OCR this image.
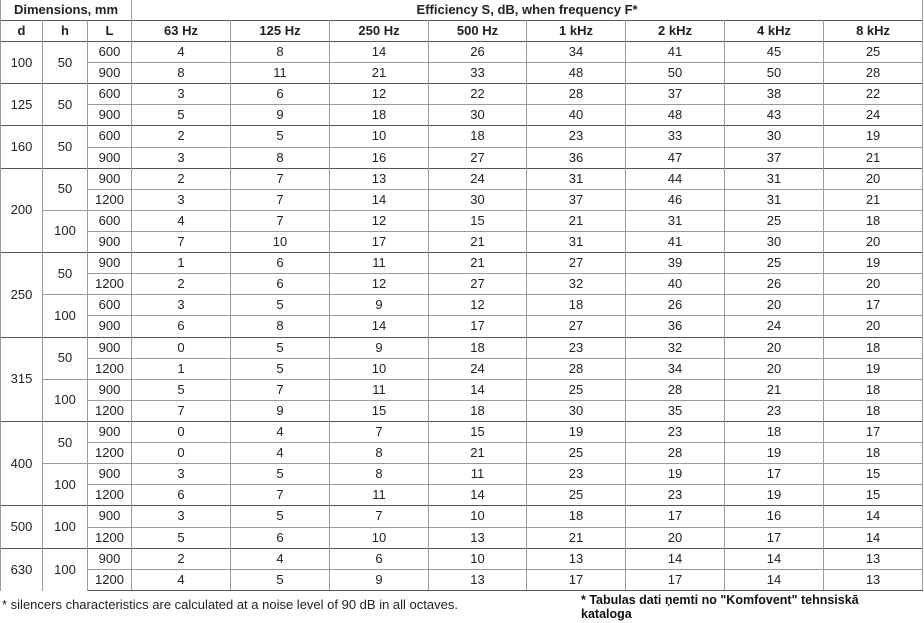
Dimensions, mm			Efficiency S, dB, when frequency F*							
d	h	L	63 Hz	125 Hz	250 Hz	500 Hz	1 kHz	2 kHz	4 kHz	8 kHz
100	50	600	4	8	14	26	34	41	45	25
		900	8	11	21	33	48	50	50	28
125	50	600	3	6	12	22	28	37	38	22
		900	5	9	18	30	40	48	43	24
160	50	600	2	5	10	18	23	33	30	19
		900	3	8	16	27	36	47	37	21
200	50	900	2	7	13	24	31	44	31	20
		1200	3	7	14	30	37	46	31	21
	100	600	4	7	12	15	21	31	25	18
		900	7	10	17	21	31	41	30	20
250	50	900	1	6	11	21	27	39	25	19
		1200	2	6	12	27	32	40	26	20
	100	600	3	5	9	12	18	26	20	17
		900	6	8	14	17	27	36	24	20
315	50	900	0	5	9	18	23	32	20	18
		1200	1	5	10	24	28	34	20	19
	100	900	5	7	11	14	25	28	21	18
		1200	7	9	15	18	30	35	23	18
400	50	900	0	4	7	15	19	23	18	17
		1200	0	4	8	21	25	28	19	18
	100	900	3	5	8	11	23	19	17	15
		1200	6	7	11	14	25	23	19	15
500	100	900	3	5	7	10	18	17	16	14
		1200	5	6	10	13	21	20	17	14
630	100	900	2	4	6	10	13	14	14	13
		1200	4	5	9	13	17	17	14	13
* silencers characteristics are calculated at a noise level of 90 dB in all octaves.	* Tabulas dati ņemti no "Komfovent" tehnsiskā kataloga
